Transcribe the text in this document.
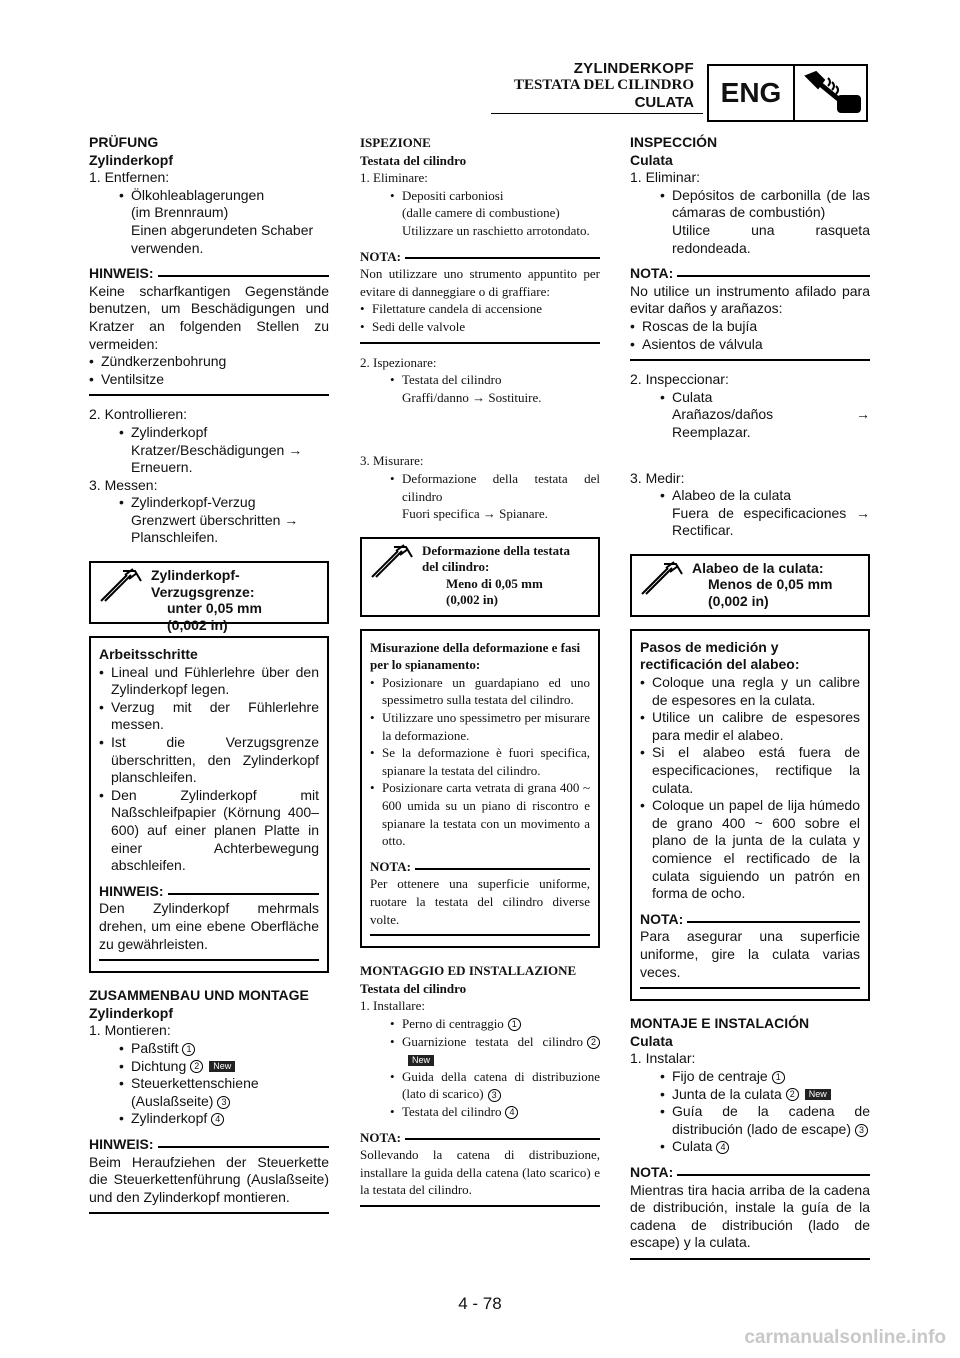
ZYLINDERKOPF
TESTATA DEL CILINDRO
CULATA ENG
PRÜFUNG
Zylinderkopf
1. Entfernen:
• Ölkohleablagerungen
(im Brennraum)
Einen abgerundeten Schaber
verwenden.
HINWEIS:
Keine scharfkantigen Gegenstände benutzen, um Beschädigungen und Kratzer an folgenden Stellen zu vermeiden:
• Zündkerzenbohrung
• Ventilsitze
2. Kontrollieren:
• Zylinderkopf
Kratzer/Beschädigungen →
Erneuern.
3. Messen:
• Zylinderkopf-Verzug
Grenzwert überschritten →
Planschleifen.
Zylinderkopf-
Verzugsgrenze:
unter 0,05 mm
(0,002 in)
Arbeitsschritte
• Lineal und Fühlerlehre über den Zylinderkopf legen.
• Verzug mit der Fühlerlehre messen.
• Ist die Verzugsgrenze überschritten, den Zylinderkopf planschleifen.
• Den Zylinderkopf mit Naßschleifpapier (Körnung 400–600) auf einer planen Platte in einer Achterbewegung abschleifen.
HINWEIS:
Den Zylinderkopf mehrmals drehen, um eine ebene Oberfläche zu gewährleisten.
ZUSAMMENBAU UND MONTAGE
Zylinderkopf
1. Montieren:
• Paßstift 1
• Dichtung 2 New
• Steuerkettenschiene
(Auslaßseite) 3
• Zylinderkopf 4
HINWEIS:
Beim Heraufziehen der Steuerkette die Steuerkettenführung (Auslaßseite) und den Zylinderkopf montieren.
ISPEZIONE
Testata del cilindro
1. Eliminare:
• Depositi carboniosi
(dalle camere di combustione)
Utilizzare un raschietto arrotondato.
NOTA:
Non utilizzare uno strumento appuntito per evitare di danneggiare o di graffiare:
• Filettature candela di accensione
• Sedi delle valvole
2. Ispezionare:
• Testata del cilindro
Graffi/danno → Sostituire.
3. Misurare:
• Deformazione della testata del cilindro
Fuori specifica → Spianare.
Deformazione della testata
del cilindro:
Meno di 0,05 mm
(0,002 in)
Misurazione della deformazione e fasi per lo spianamento:
• Posizionare un guardapiano ed uno spessimetro sulla testata del cilindro.
• Utilizzare uno spessimetro per misurare la deformazione.
• Se la deformazione è fuori specifica, spianare la testata del cilindro.
• Posizionare carta vetrata di grana 400 ~ 600 umida su un piano di riscontro e spianare la testata con un movimento a otto.
NOTA:
Per ottenere una superficie uniforme, ruotare la testata del cilindro diverse volte.
MONTAGGIO ED INSTALLAZIONE
Testata del cilindro
1. Installare:
• Perno di centraggio 1
• Guarnizione testata del cilindro 2New
• Guida della catena di distribuzione (lato di scarico) 3
• Testata del cilindro 4
NOTA:
Sollevando la catena di distribuzione, installare la guida della catena (lato scarico) e la testata del cilindro.
INSPECCIÓN
Culata
1. Eliminar:
• Depósitos de carbonilla (de las cámaras de combustión)
Utilice una rasqueta redondeada.
NOTA:
No utilice un instrumento afilado para evitar daños y arañazos:
• Roscas de la bujía
• Asientos de válvula
2. Inspeccionar:
• Culata
Arañazos/daños → Reemplazar.
3. Medir:
• Alabeo de la culata
Fuera de especificaciones → Rectificar.
Alabeo de la culata:
Menos de 0,05 mm
(0,002 in)
Pasos de medición y rectificación del alabeo:
• Coloque una regla y un calibre de espesores en la culata.
• Utilice un calibre de espesores para medir el alabeo.
• Si el alabeo está fuera de especificaciones, rectifique la culata.
• Coloque un papel de lija húmedo de grano 400 ~ 600 sobre el plano de la junta de la culata y comience el rectificado de la culata siguiendo un patrón en forma de ocho.
NOTA:
Para asegurar una superficie uniforme, gire la culata varias veces.
MONTAJE E INSTALACIÓN
Culata
1. Instalar:
• Fijo de centraje 1
• Junta de la culata 2 New
• Guía de la cadena de distribución (lado de escape) 3
• Culata 4
NOTA:
Mientras tira hacia arriba de la cadena de distribución, instale la guía de la cadena de distribución (lado de escape) y la culata.
4 - 78
carmanualsonline.info
